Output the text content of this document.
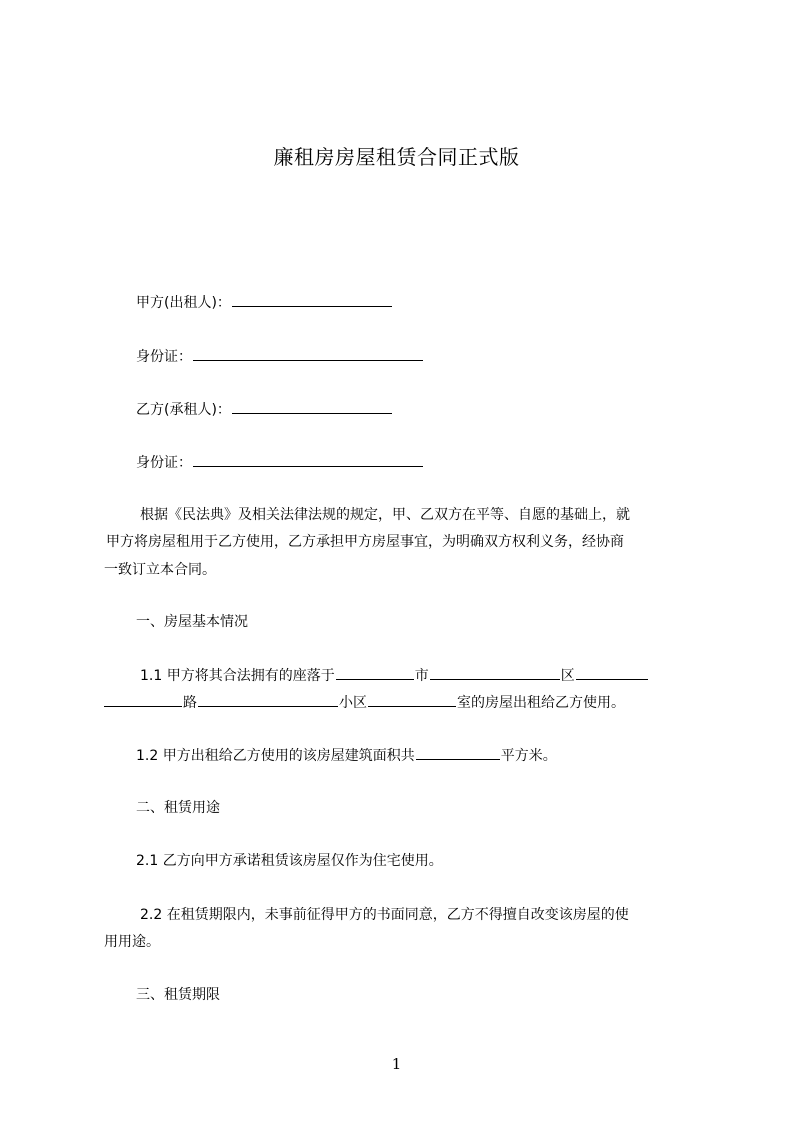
廉租房房屋租赁合同正式版
甲方(出租人)：
身份证：
乙方(承租人)：
身份证：
根据《民法典》及相关法律法规的规定，甲、乙双方在平等、自愿的基础上，就
甲方将房屋租用于乙方使用，乙方承担甲方房屋事宜，为明确双方权利义务，经协商
一致订立本合同。
一、房屋基本情况
1.1 甲方将其合法拥有的座落于	市	区
路	小区	室的房屋出租给乙方使用。
1.2 甲方出租给乙方使用的该房屋建筑面积共	平方米。
二、租赁用途
2.1 乙方向甲方承诺租赁该房屋仅作为住宅使用。
2.2 在租赁期限内，未事前征得甲方的书面同意，乙方不得擅自改变该房屋的使
用用途。
三、租赁期限
1
